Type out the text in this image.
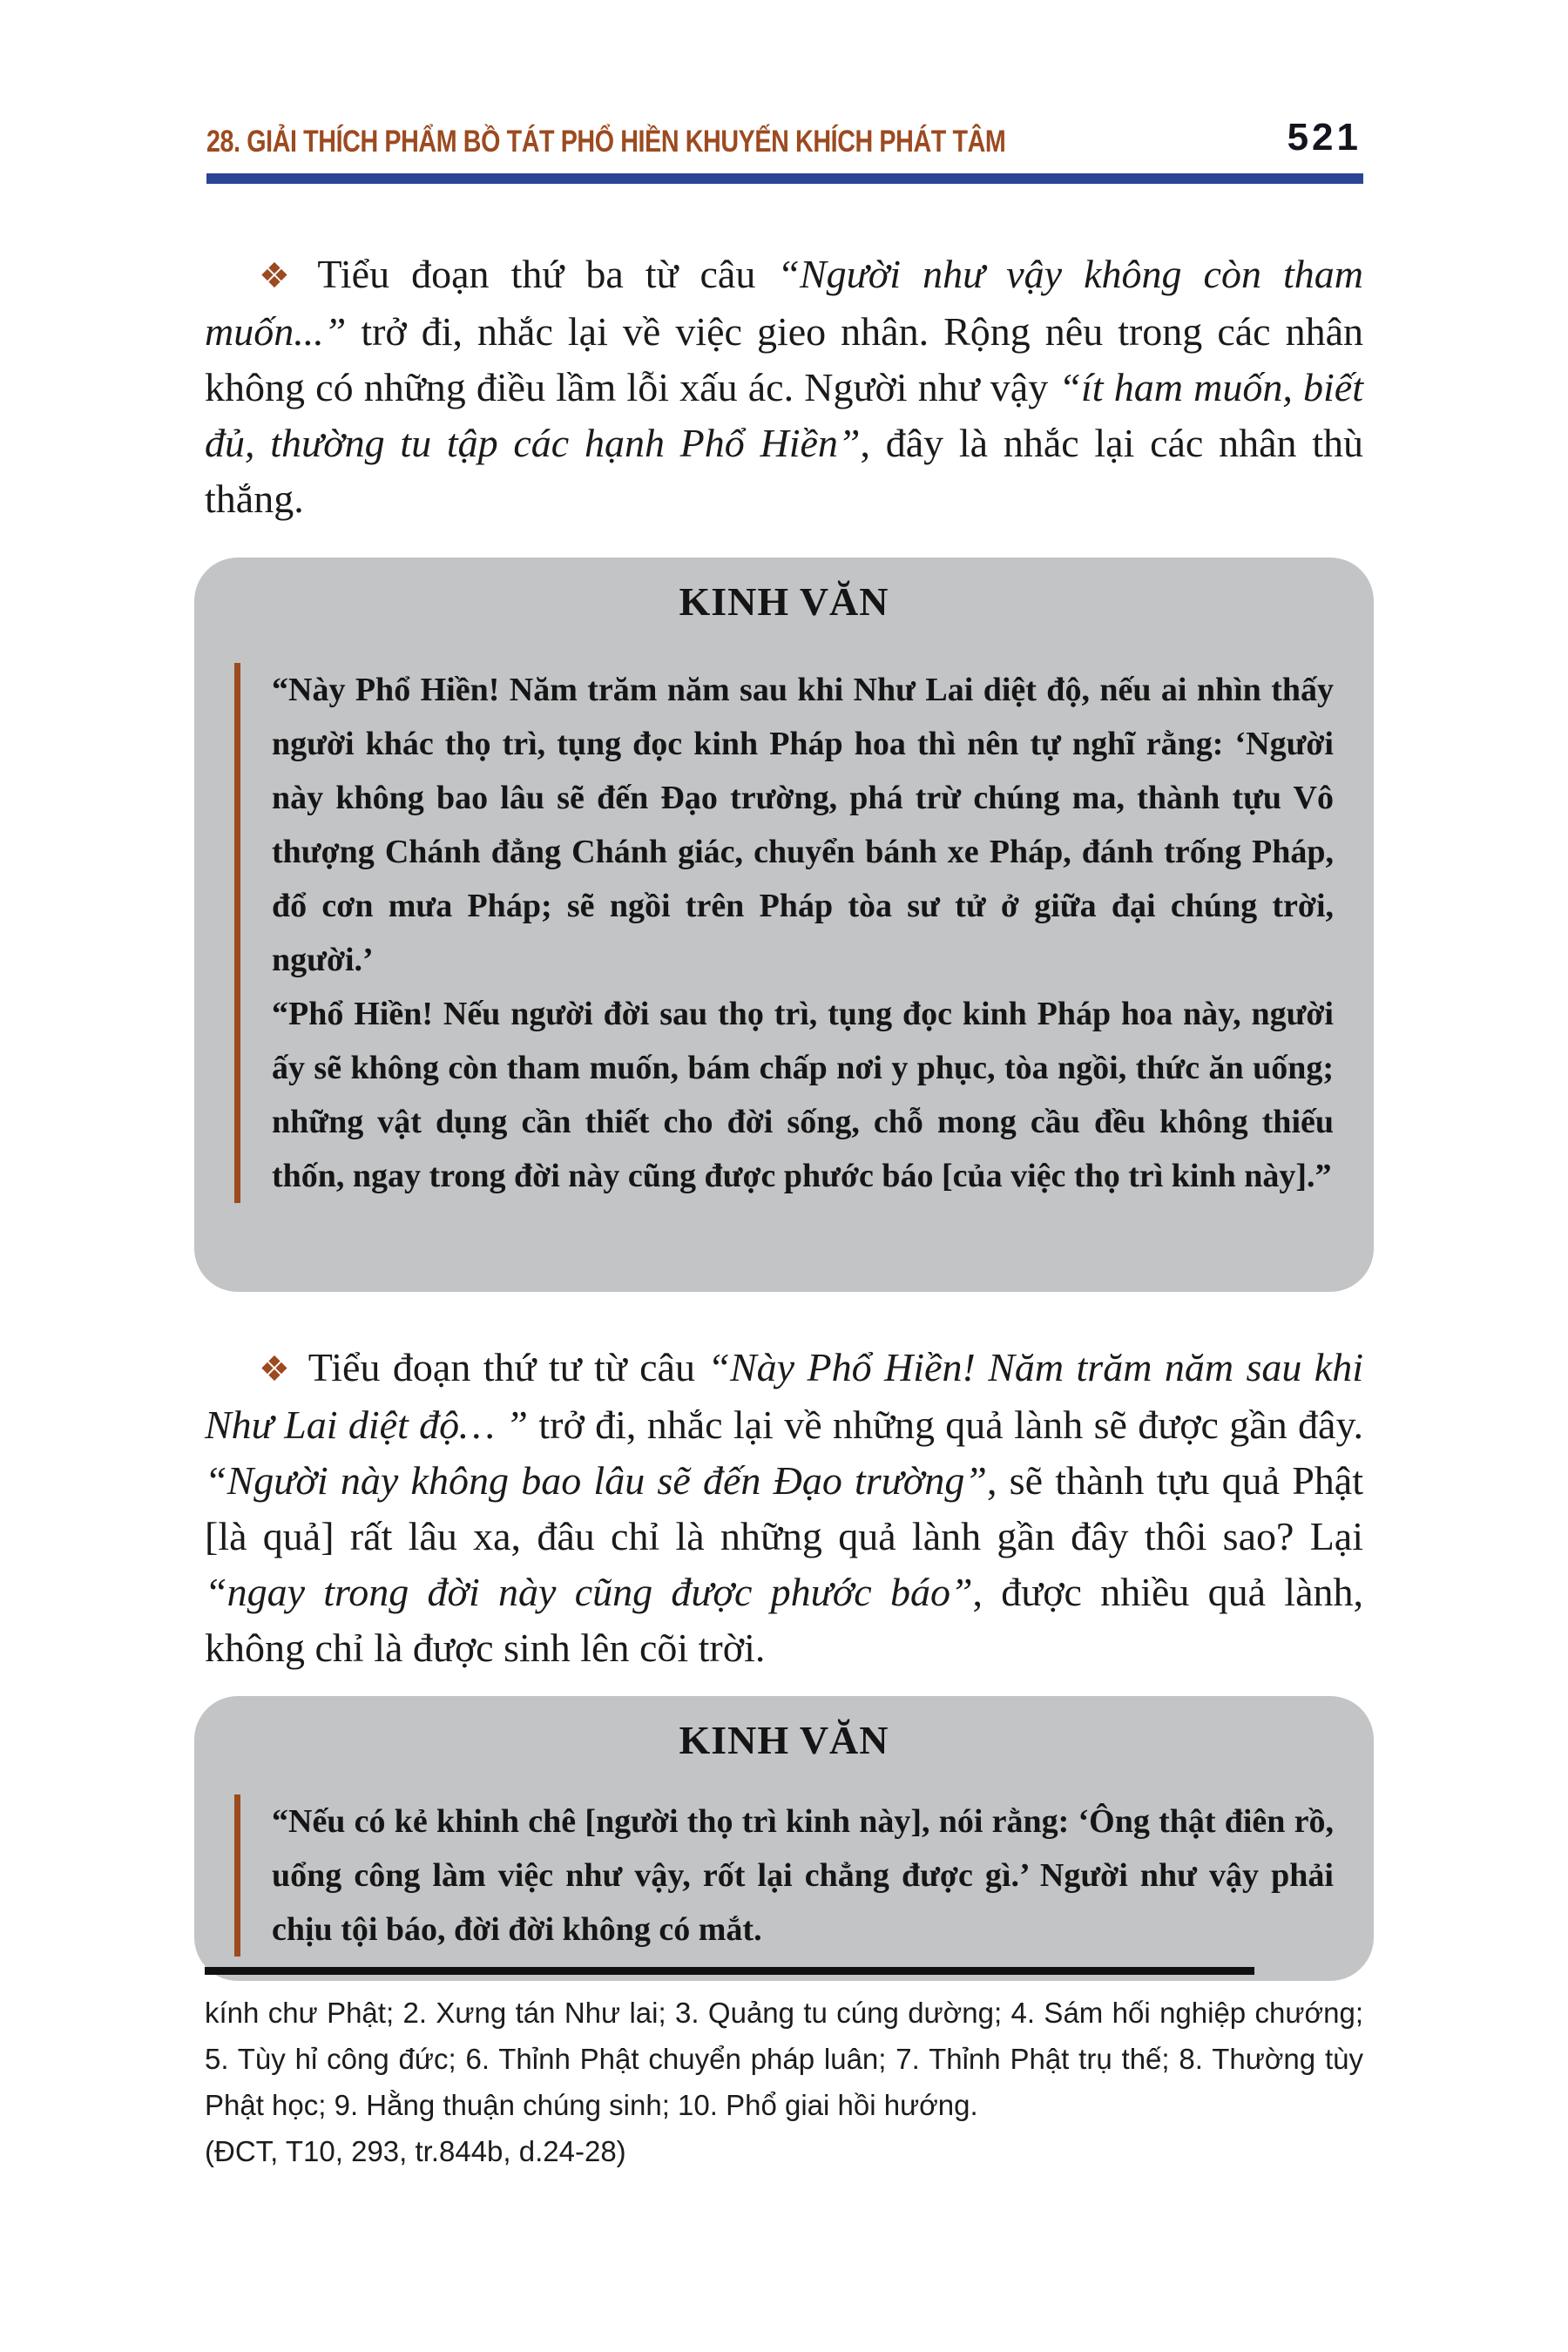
28. GIẢI THÍCH PHẨM BỒ TÁT PHỔ HIỀN KHUYẾN KHÍCH PHÁT TÂM	521

❖ Tiểu đoạn thứ ba từ câu “Người như vậy không còn tham muốn...” trở đi, nhắc lại về việc gieo nhân. Rộng nêu trong các nhân không có những điều lầm lỗi xấu ác. Người như vậy “ít ham muốn, biết đủ, thường tu tập các hạnh Phổ Hiền”, đây là nhắc lại các nhân thù thắng.

KINH VĂN

“Này Phổ Hiền! Năm trăm năm sau khi Như Lai diệt độ, nếu ai nhìn thấy người khác thọ trì, tụng đọc kinh Pháp hoa thì nên tự nghĩ rằng: ‘Người này không bao lâu sẽ đến Đạo trường, phá trừ chúng ma, thành tựu Vô thượng Chánh đẳng Chánh giác, chuyển bánh xe Pháp, đánh trống Pháp, đổ cơn mưa Pháp; sẽ ngồi trên Pháp tòa sư tử ở giữa đại chúng trời, người.’

“Phổ Hiền! Nếu người đời sau thọ trì, tụng đọc kinh Pháp hoa này, người ấy sẽ không còn tham muốn, bám chấp nơi y phục, tòa ngồi, thức ăn uống; những vật dụng cần thiết cho đời sống, chỗ mong cầu đều không thiếu thốn, ngay trong đời này cũng được phước báo [của việc thọ trì kinh này].”

❖ Tiểu đoạn thứ tư từ câu “Này Phổ Hiền! Năm trăm năm sau khi Như Lai diệt độ… ” trở đi, nhắc lại về những quả lành sẽ được gần đây. “Người này không bao lâu sẽ đến Đạo trường”, sẽ thành tựu quả Phật [là quả] rất lâu xa, đâu chỉ là những quả lành gần đây thôi sao? Lại “ngay trong đời này cũng được phước báo”, được nhiều quả lành, không chỉ là được sinh lên cõi trời.

KINH VĂN

“Nếu có kẻ khinh chê [người thọ trì kinh này], nói rằng: ‘Ông thật điên rồ, uổng công làm việc như vậy, rốt lại chẳng được gì.’ Người như vậy phải chịu tội báo, đời đời không có mắt.

kính chư Phật; 2. Xưng tán Như lai; 3. Quảng tu cúng dường; 4. Sám hối nghiệp chướng; 5. Tùy hỉ công đức; 6. Thỉnh Phật chuyển pháp luân; 7. Thỉnh Phật trụ thế; 8. Thường tùy Phật học; 9. Hằng thuận chúng sinh; 10. Phổ giai hồi hướng.

(ĐCT, T10, 293, tr.844b, d.24-28)
